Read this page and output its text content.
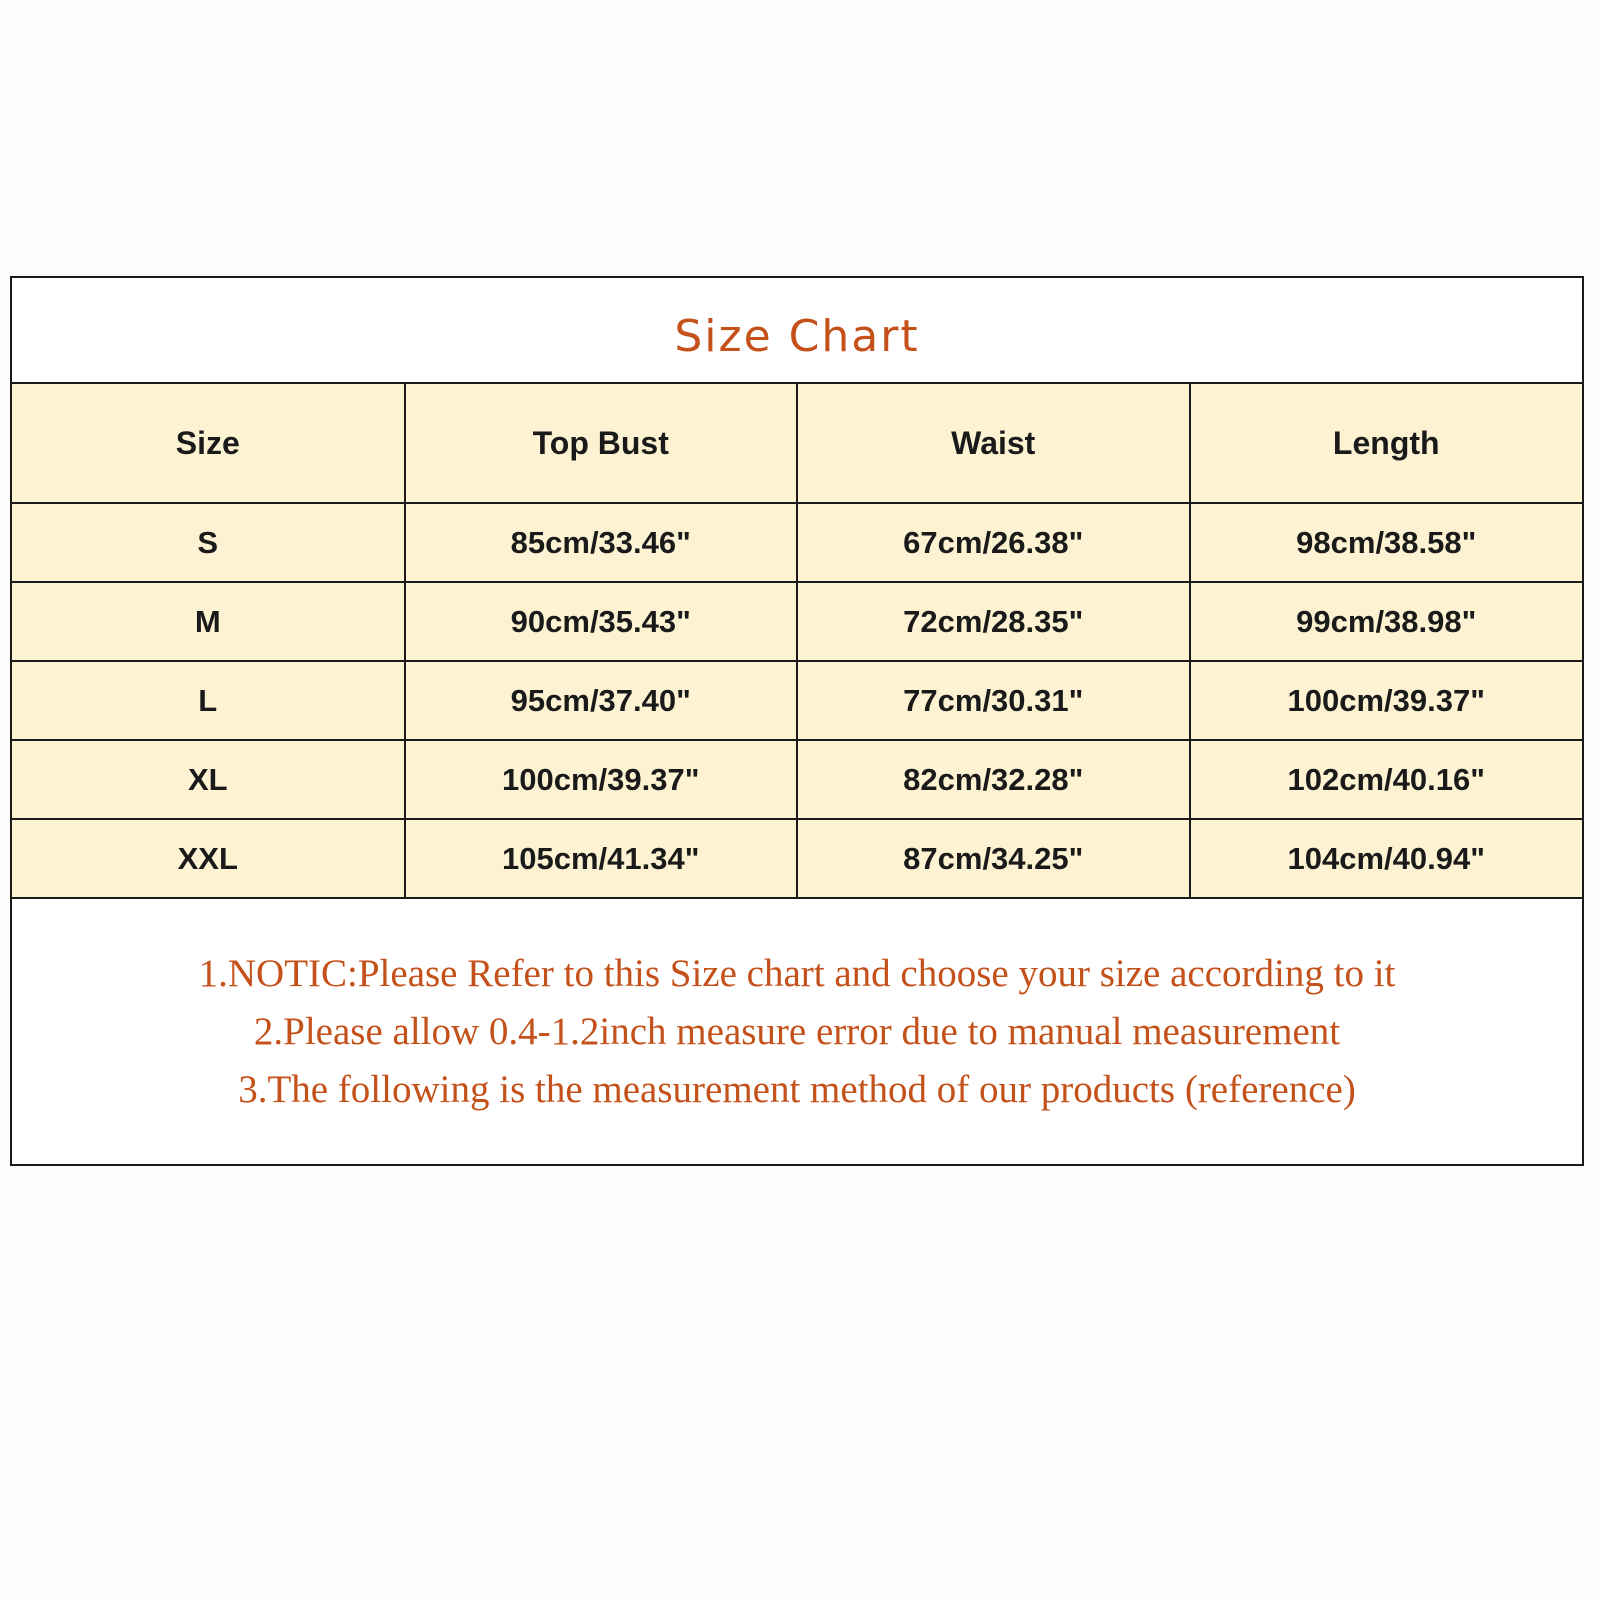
Size Chart
Size	Top Bust	Waist	Length
S	85cm/33.46"	67cm/26.38"	98cm/38.58"
M	90cm/35.43"	72cm/28.35"	99cm/38.98"
L	95cm/37.40"	77cm/30.31"	100cm/39.37"
XL	100cm/39.37"	82cm/32.28"	102cm/40.16"
XXL	105cm/41.34"	87cm/34.25"	104cm/40.94"
1.NOTIC:Please Refer to this Size chart and choose your size according to it
2.Please allow 0.4-1.2inch measure error due to manual measurement
3.The following is the measurement method of our products (reference)
